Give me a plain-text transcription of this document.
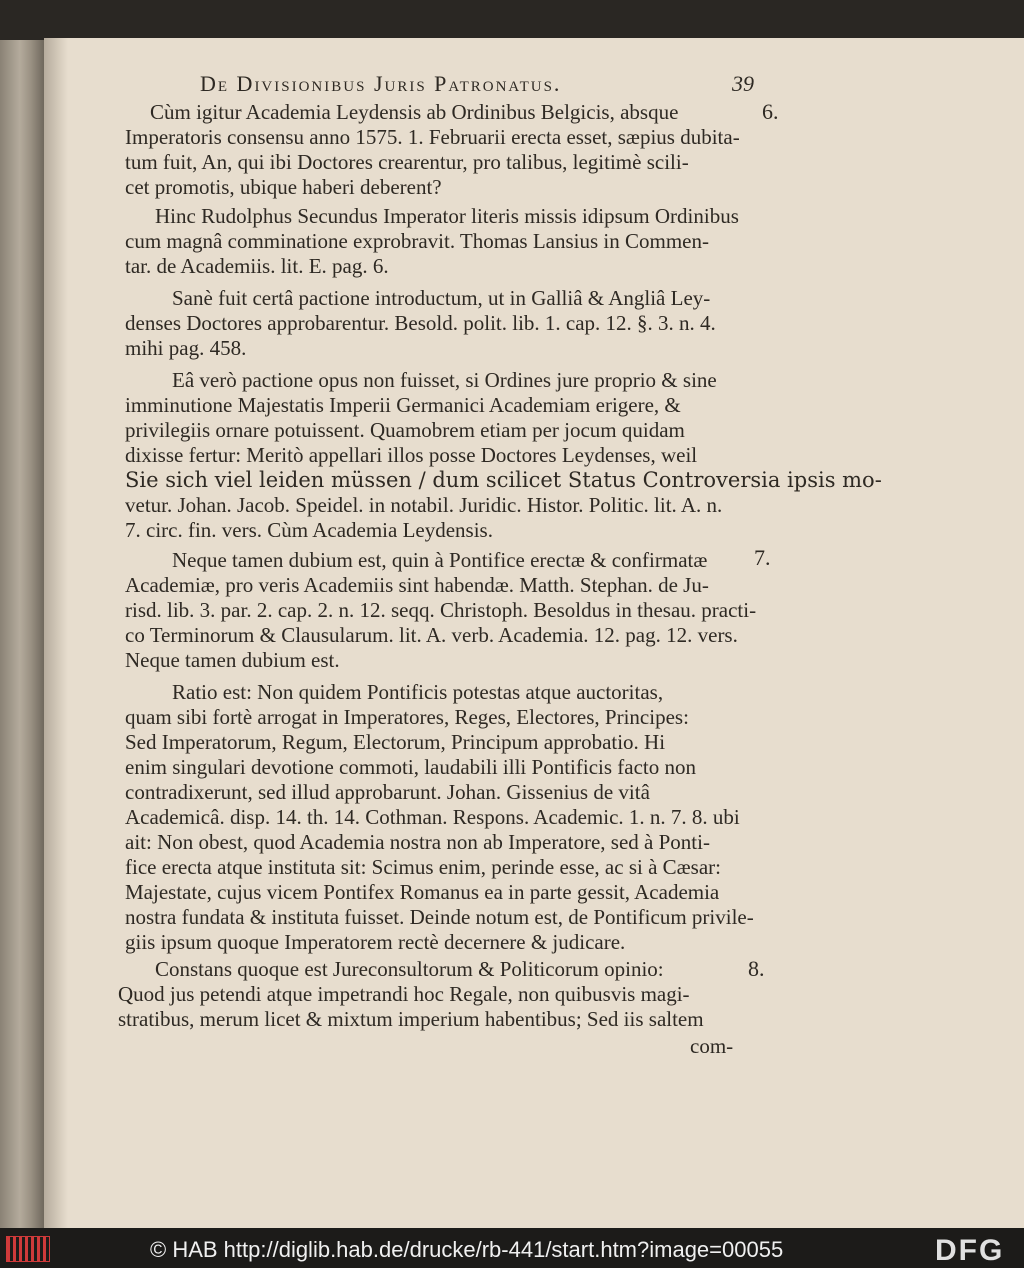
De Divisionibus Juris Patronatus.	39
6.
7.
8.
Cùm igitur Academia Leydensis ab Ordinibus Belgicis, absque
Imperatoris consensu anno 1575. 1. Februarii erecta esset, sæpius dubita-
tum fuit, An, qui ibi Doctores crearentur, pro talibus, legitimè scili-
cet promotis, ubique haberi deberent?
Hinc Rudolphus Secundus Imperator literis missis idipsum Ordinibus
cum magnâ comminatione exprobravit. Thomas Lansius in Commen-
tar. de Academiis. lit. E. pag. 6.
Sanè fuit certâ pactione introductum, ut in Galliâ & Angliâ Ley-
denses Doctores approbarentur. Besold. polit. lib. 1. cap. 12. §. 3. n. 4.
mihi pag. 458.
Eâ verò pactione opus non fuisset, si Ordines jure proprio & sine
imminutione Majestatis Imperii Germanici Academiam erigere, &
privilegiis ornare potuissent. Quamobrem etiam per jocum quidam
dixisse fertur: Meritò appellari illos posse Doctores Leydenses, weil
Sie sich viel leiden müssen / dum scilicet Status Controversia ipsis mo-
vetur. Johan. Jacob. Speidel. in notabil. Juridic. Histor. Politic. lit. A. n.
7. circ. fin. vers. Cùm Academia Leydensis.
Neque tamen dubium est, quin à Pontifice erectæ & confirmatæ
Academiæ, pro veris Academiis sint habendæ. Matth. Stephan. de Ju-
risd. lib. 3. par. 2. cap. 2. n. 12. seqq. Christoph. Besoldus in thesau. practi-
co Terminorum & Clausularum. lit. A. verb. Academia. 12. pag. 12. vers.
Neque tamen dubium est.
Ratio est: Non quidem Pontificis potestas atque auctoritas,
quam sibi fortè arrogat in Imperatores, Reges, Electores, Principes:
Sed Imperatorum, Regum, Electorum, Principum approbatio. Hi
enim singulari devotione commoti, laudabili illi Pontificis facto non
contradixerunt, sed illud approbarunt. Johan. Gissenius de vitâ
Academicâ. disp. 14. th. 14. Cothman. Respons. Academic. 1. n. 7. 8. ubi
ait: Non obest, quod Academia nostra non ab Imperatore, sed à Ponti-
fice erecta atque instituta sit: Scimus enim, perinde esse, ac si à Cæsar:
Majestate, cujus vicem Pontifex Romanus ea in parte gessit, Academia
nostra fundata & instituta fuisset. Deinde notum est, de Pontificum privile-
giis ipsum quoque Imperatorem rectè decernere & judicare.
Constans quoque est Jureconsultorum & Politicorum opinio:
Quod jus petendi atque impetrandi hoc Regale, non quibusvis magi-
stratibus, merum licet & mixtum imperium habentibus; Sed iis saltem
com-
© HAB http://diglib.hab.de/drucke/rb-441/start.htm?image=00055	DFG
